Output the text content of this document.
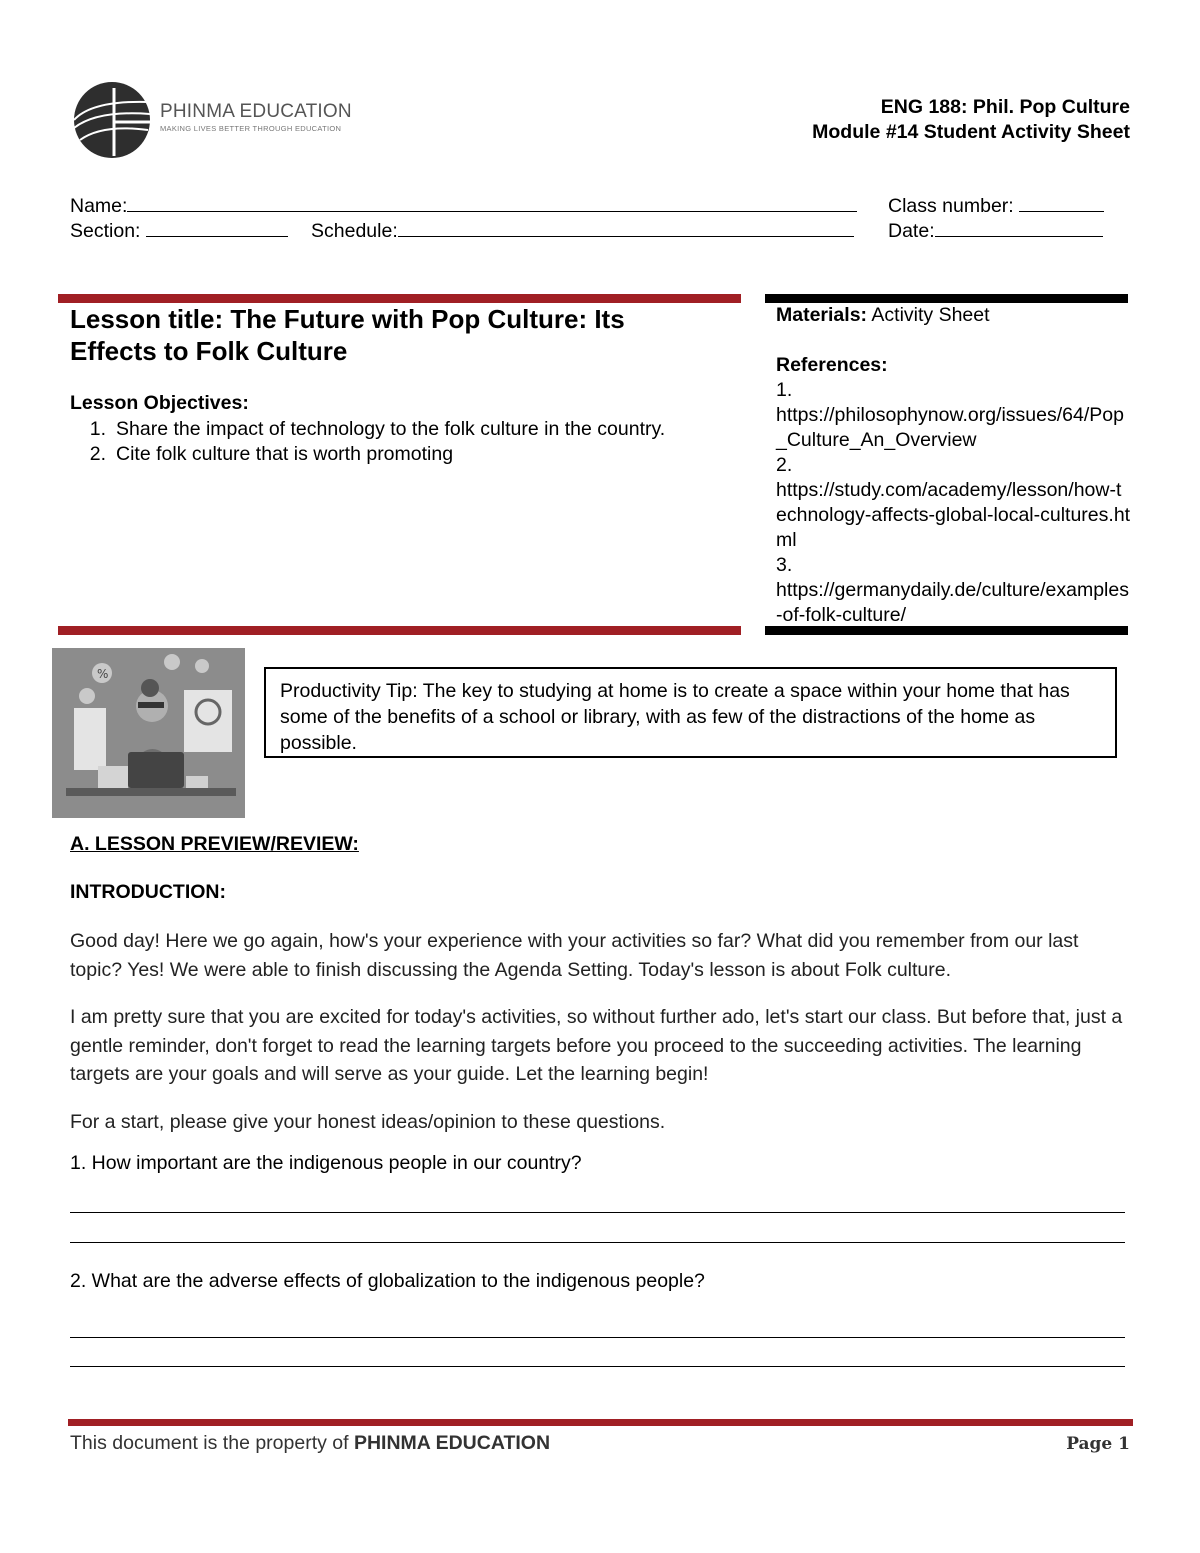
PHINMA EDUCATION
MAKING LIVES BETTER THROUGH EDUCATION
ENG 188: Phil. Pop Culture
Module #14 Student Activity Sheet
Name:	Class number:
Section:	Schedule:	Date:
Lesson title: The Future with Pop Culture: Its Effects to Folk Culture
Lesson Objectives:
1. Share the impact of technology to the folk culture in the country.
2. Cite folk culture that is worth promoting
Materials: Activity Sheet
References:
1.
https://philosophynow.org/issues/64/Pop_Culture_An_Overview
2.
https://study.com/academy/lesson/how-technology-affects-global-local-cultures.html
3.
https://germanydaily.de/culture/examples-of-folk-culture/
%
Productivity Tip: The key to studying at home is to create a space within your home that has some of the benefits of a school or library, with as few of the distractions of the home as possible.
A. LESSON PREVIEW/REVIEW:
INTRODUCTION:
Good day! Here we go again, how's your experience with your activities so far? What did you remember from our last topic? Yes! We were able to finish discussing the Agenda Setting. Today's lesson is about Folk culture.
I am pretty sure that you are excited for today's activities, so without further ado, let's start our class. But before that, just a gentle reminder, don't forget to read the learning targets before you proceed to the succeeding activities. The learning targets are your goals and will serve as your guide. Let the learning begin!
For a start, please give your honest ideas/opinion to these questions.
1. How important are the indigenous people in our country?
2. What are the adverse effects of globalization to the indigenous people?
This document is the property of PHINMA EDUCATION	Page 1
